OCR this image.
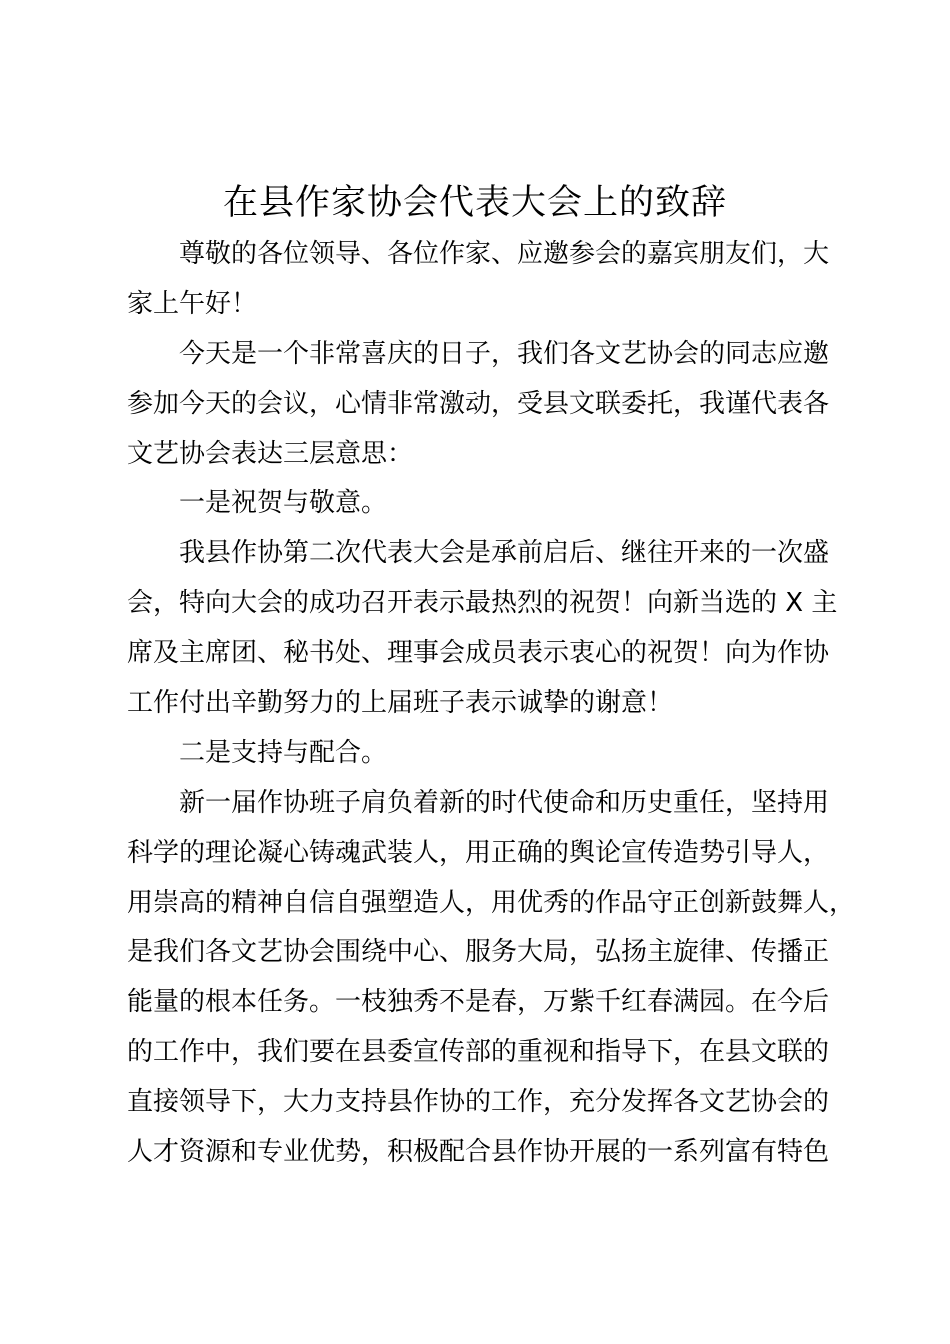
在县作家协会代表大会上的致辞

尊敬的各位领导、各位作家、应邀参会的嘉宾朋友们，大
家上午好！

今天是一个非常喜庆的日子，我们各文艺协会的同志应邀
参加今天的会议，心情非常激动，受县文联委托，我谨代表各
文艺协会表达三层意思：

一是祝贺与敬意。

我县作协第二次代表大会是承前启后、继往开来的一次盛
会，特向大会的成功召开表示最热烈的祝贺！向新当选的 X 主
席及主席团、秘书处、理事会成员表示衷心的祝贺！向为作协
工作付出辛勤努力的上届班子表示诚挚的谢意！

二是支持与配合。

新一届作协班子肩负着新的时代使命和历史重任，坚持用
科学的理论凝心铸魂武装人，用正确的舆论宣传造势引导人，
用崇高的精神自信自强塑造人，用优秀的作品守正创新鼓舞人，
是我们各文艺协会围绕中心、服务大局，弘扬主旋律、传播正
能量的根本任务。一枝独秀不是春，万紫千红春满园。在今后
的工作中，我们要在县委宣传部的重视和指导下，在县文联的
直接领导下，大力支持县作协的工作，充分发挥各文艺协会的
人才资源和专业优势，积极配合县作协开展的一系列富有特色
